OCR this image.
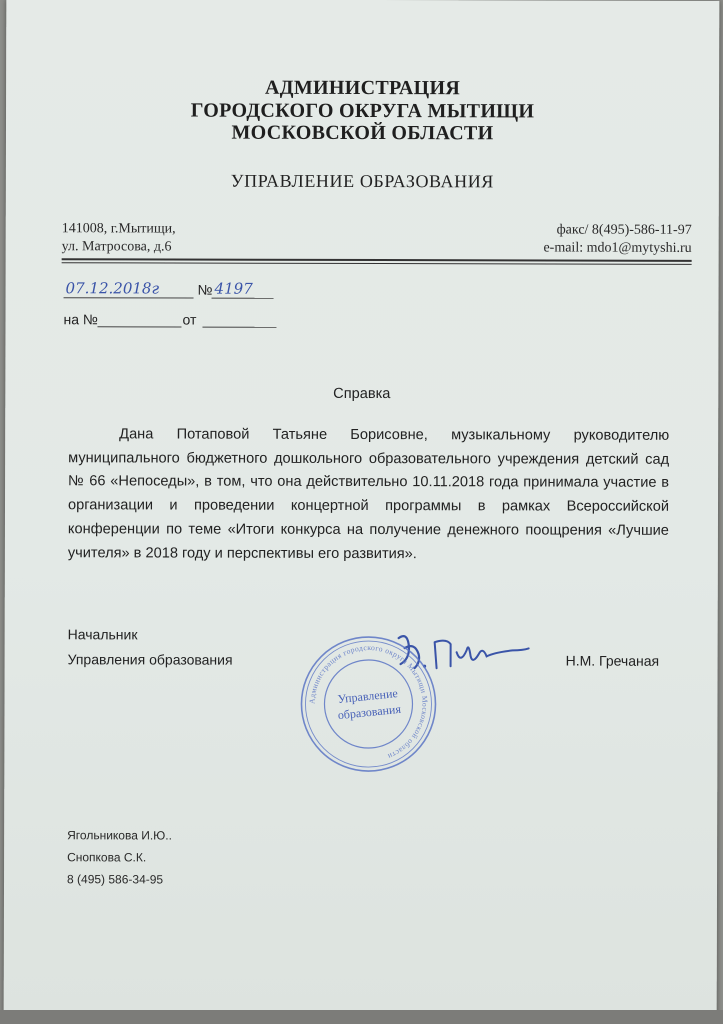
АДМИНИСТРАЦИЯ
ГОРОДСКОГО ОКРУГА МЫТИЩИ
МОСКОВСКОЙ ОБЛАСТИ
УПРАВЛЕНИЕ ОБРАЗОВАНИЯ
141008, г.Мытищи,
ул. Матросова, д.6
факс/ 8(495)-586-11-97
e-mail: mdo1@mytyshi.ru
07.12.2018г	№ 4197
на №	от
Справка

Дана Потаповой Татьяне Борисовне, музыкальному руководителю муниципального бюджетного дошкольного образовательного учреждения детский сад № 66 «Непоседы», в том, что она действительно 10.11.2018 года принимала участие в организации и проведении концертной программы в рамках Всероссийской конференции по теме «Итоги конкурса на получение денежного поощрения «Лучшие учителя» в 2018 году и перспективы его развития».

Начальник
Управления образования	Н.М. Гречаная
Администрация городского округа Мытищи Московской области
Управление
образования
Ягольникова И.Ю..
Снопкова С.К.
8 (495) 586-34-95
